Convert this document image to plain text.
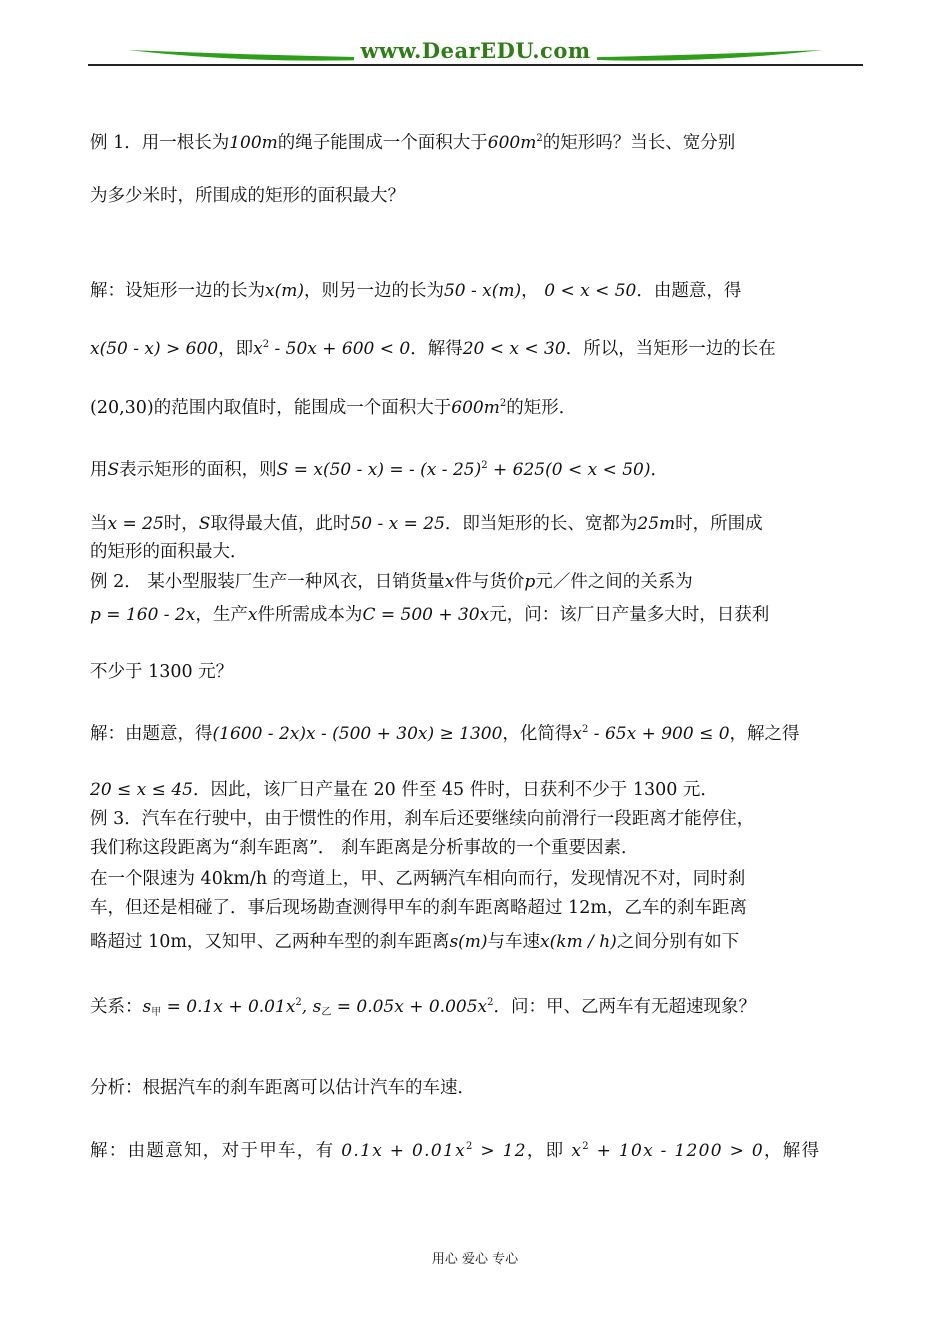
www.DearEDU.com
例 1．用一根长为100m的绳子能围成一个面积大于$600m^2$的矩形吗？当长、宽分别
为多少米时，所围成的矩形的面积最大？
解：设矩形一边的长为x(m)，则另一边的长为50 - x(m)， 0 < x < 50．由题意，得
x(50 - x) > 600，即$x^2 - 50x + 600 < 0$．解得20 < x < 30．所以，当矩形一边的长在
(20,30)的范围内取值时，能围成一个面积大于$600m^2$的矩形．
用S表示矩形的面积，则S = x(50 - x) = - (x - 25)$^2$ + 625(0 < x < 50)．
当x = 25时，S取得最大值，此时50 - x = 25．即当矩形的长、宽都为25m时，所围成
的矩形的面积最大．
例 2． 某小型服装厂生产一种风衣，日销货量x件与货价p元／件之间的关系为
p = 160 - 2x，生产x件所需成本为C = 500 + 30x元，问：该厂日产量多大时，日获利
不少于 1300 元？
解：由题意，得(1600 - 2x)x - (500 + 30x) ≥ 1300，化简得$x^2 - 65x + 900 \le 0$，解之得
20 ≤ x ≤ 45．因此，该厂日产量在 20 件至 45 件时，日获利不少于 1300 元．
例 3．汽车在行驶中，由于惯性的作用，刹车后还要继续向前滑行一段距离才能停住，
我们称这段距离为“刹车距离”． 刹车距离是分析事故的一个重要因素．
在一个限速为 40km/h 的弯道上，甲、乙两辆汽车相向而行，发现情况不对，同时刹
车，但还是相碰了．事后现场勘查测得甲车的刹车距离略超过 12m，乙车的刹车距离
略超过 10m，又知甲、乙两种车型的刹车距离s(m)与车速x(km / h)之间分别有如下
关系：s甲 = $0.1x + 0.01x^2$, s乙 = $0.05x + 0.005x^2$．问：甲、乙两车有无超速现象？
分析：根据汽车的刹车距离可以估计汽车的车速．
解：由题意知，对于甲车，有 $0.1x + 0.01x^2 > 12$，即 $x^2 + 10x - 1200 > 0$，解得
用心 爱心 专心
